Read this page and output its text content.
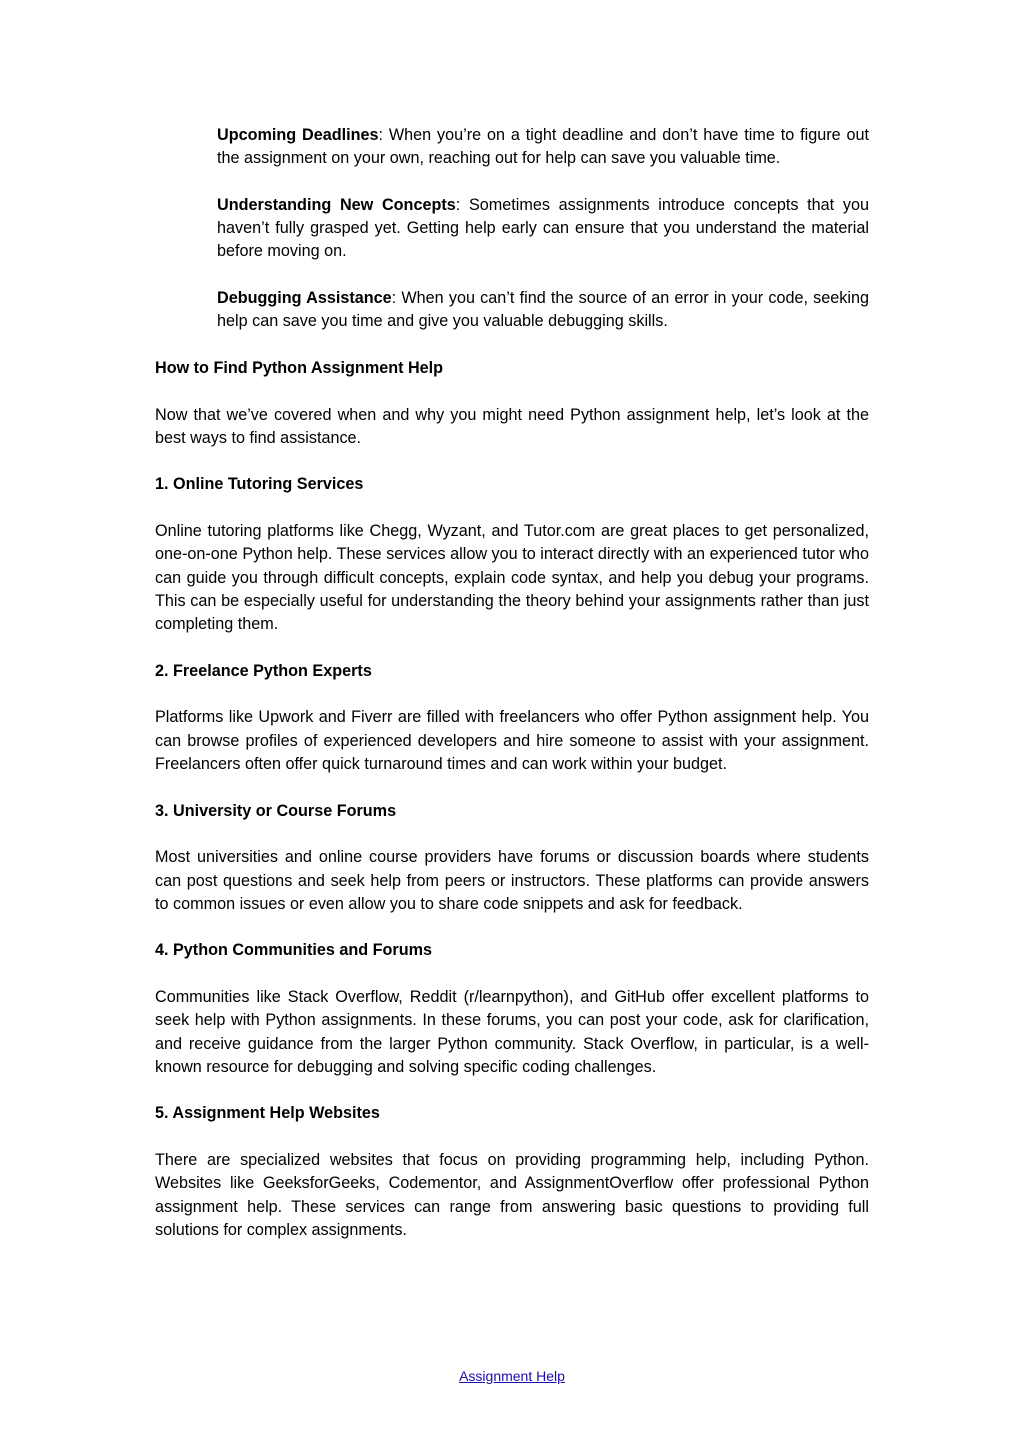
Upcoming Deadlines: When you’re on a tight deadline and don’t have time to figure out the assignment on your own, reaching out for help can save you valuable time.
Understanding New Concepts: Sometimes assignments introduce concepts that you haven’t fully grasped yet. Getting help early can ensure that you understand the material before moving on.
Debugging Assistance: When you can’t find the source of an error in your code, seeking help can save you time and give you valuable debugging skills.
How to Find Python Assignment Help
Now that we’ve covered when and why you might need Python assignment help, let’s look at the best ways to find assistance.
1. Online Tutoring Services
Online tutoring platforms like Chegg, Wyzant, and Tutor.com are great places to get personalized, one-on-one Python help. These services allow you to interact directly with an experienced tutor who can guide you through difficult concepts, explain code syntax, and help you debug your programs. This can be especially useful for understanding the theory behind your assignments rather than just completing them.
2. Freelance Python Experts
Platforms like Upwork and Fiverr are filled with freelancers who offer Python assignment help. You can browse profiles of experienced developers and hire someone to assist with your assignment. Freelancers often offer quick turnaround times and can work within your budget.
3. University or Course Forums
Most universities and online course providers have forums or discussion boards where students can post questions and seek help from peers or instructors. These platforms can provide answers to common issues or even allow you to share code snippets and ask for feedback.
4. Python Communities and Forums
Communities like Stack Overflow, Reddit (r/learnpython), and GitHub offer excellent platforms to seek help with Python assignments. In these forums, you can post your code, ask for clarification, and receive guidance from the larger Python community. Stack Overflow, in particular, is a well-known resource for debugging and solving specific coding challenges.
5. Assignment Help Websites
There are specialized websites that focus on providing programming help, including Python. Websites like GeeksforGeeks, Codementor, and AssignmentOverflow offer professional Python assignment help. These services can range from answering basic questions to providing full solutions for complex assignments.
Assignment Help
